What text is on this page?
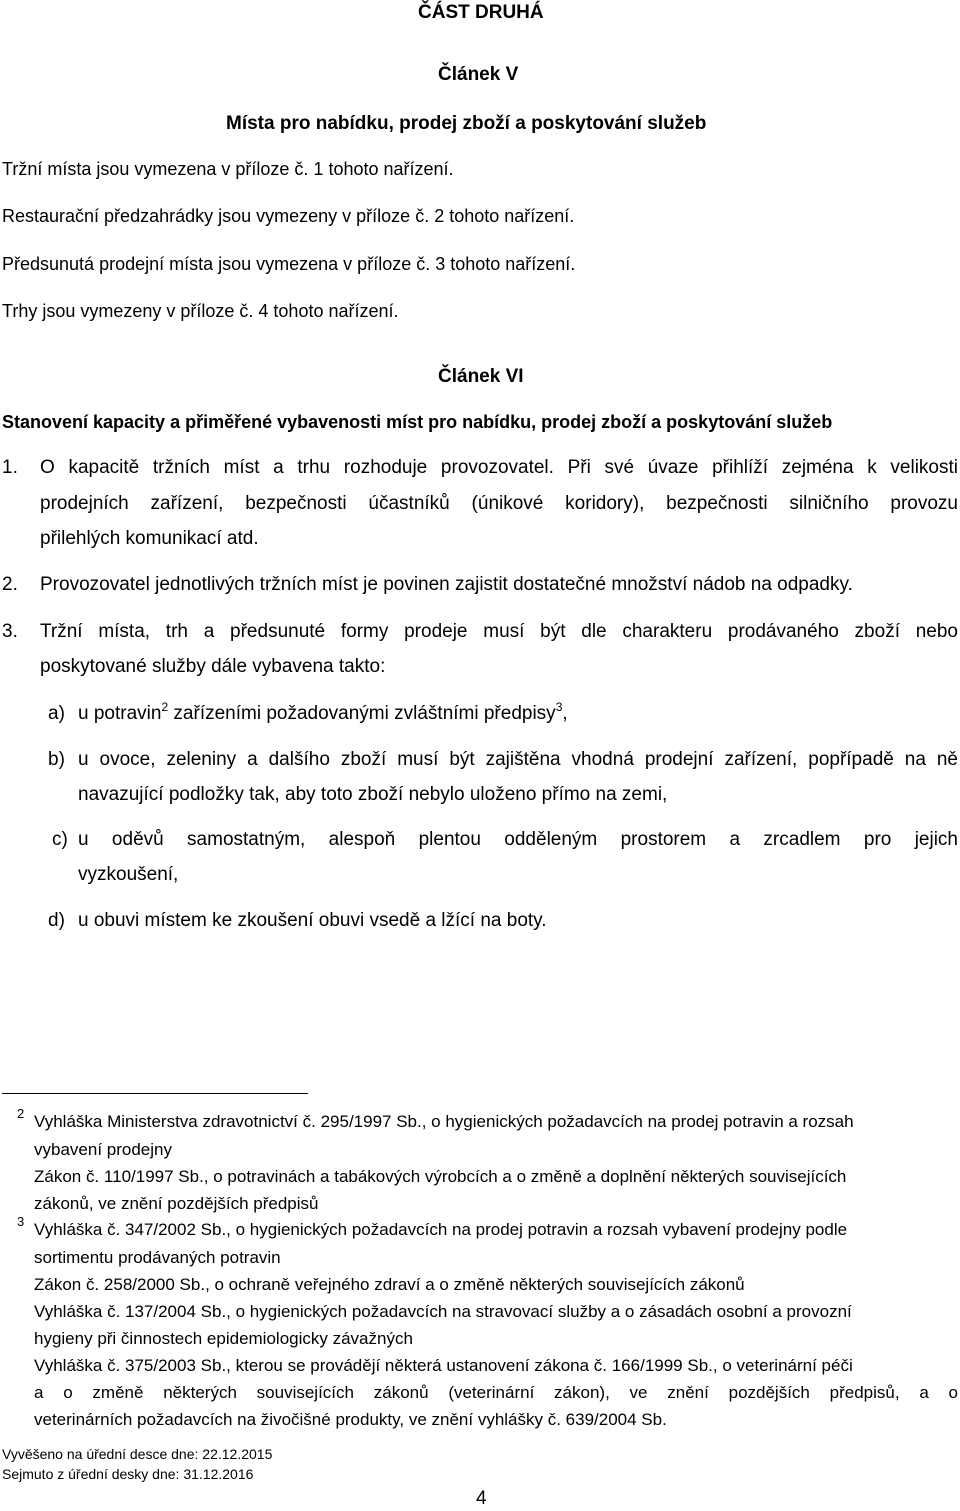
ČÁST DRUHÁ
Článek V
Místa pro nabídku, prodej zboží a poskytování služeb
Tržní místa jsou vymezena v příloze č. 1 tohoto nařízení.
Restaurační předzahrádky jsou vymezeny v příloze č. 2 tohoto nařízení.
Předsunutá prodejní místa jsou vymezena v příloze č. 3 tohoto nařízení.
Trhy jsou vymezeny v příloze č. 4 tohoto nařízení.
Článek VI
Stanovení kapacity a přiměřené vybavenosti míst pro nabídku, prodej zboží a poskytování služeb
1. O kapacitě tržních míst a trhu rozhoduje provozovatel. Při své úvaze přihlíží zejména k velikosti
prodejních zařízení, bezpečnosti účastníků (únikové koridory), bezpečnosti silničního provozu
přilehlých komunikací atd.
2. Provozovatel jednotlivých tržních míst je povinen zajistit dostatečné množství nádob na odpadky.
3. Tržní místa, trh a předsunuté formy prodeje musí být dle charakteru prodávaného zboží nebo
poskytované služby dále vybavena takto:
a) u potravin$^2$ zařízeními požadovanými zvláštními předpisy$^3$,
b) u ovoce, zeleniny a dalšího zboží musí být zajištěna vhodná prodejní zařízení, popřípadě na ně
navazující podložky tak, aby toto zboží nebylo uloženo přímo na zemi,
c) u oděvů samostatným, alespoň plentou odděleným prostorem a zrcadlem pro jejich
vyzkoušení,
d) u obuvi místem ke zkoušení obuvi vsedě a lžící na boty.
2 Vyhláška Ministerstva zdravotnictví č. 295/1997 Sb., o hygienických požadavcích na prodej potravin a rozsah
vybavení prodejny
Zákon č. 110/1997 Sb., o potravinách a tabákových výrobcích a o změně a doplnění některých souvisejících
zákonů, ve znění pozdějších předpisů
3 Vyhláška č. 347/2002 Sb., o hygienických požadavcích na prodej potravin a rozsah vybavení prodejny podle
sortimentu prodávaných potravin
Zákon č. 258/2000 Sb., o ochraně veřejného zdraví a o změně některých souvisejících zákonů
Vyhláška č. 137/2004 Sb., o hygienických požadavcích na stravovací služby a o zásadách osobní a provozní
hygieny při činnostech epidemiologicky závažných
Vyhláška č. 375/2003 Sb., kterou se provádějí některá ustanovení zákona č. 166/1999 Sb., o veterinární péči
a o změně některých souvisejících zákonů (veterinární zákon), ve znění pozdějších předpisů, a o
veterinárních požadavcích na živočišné produkty, ve znění vyhlášky č. 639/2004 Sb.
Vyvěšeno na úřední desce dne: 22.12.2015
Sejmuto z úřední desky dne: 31.12.2016
4
